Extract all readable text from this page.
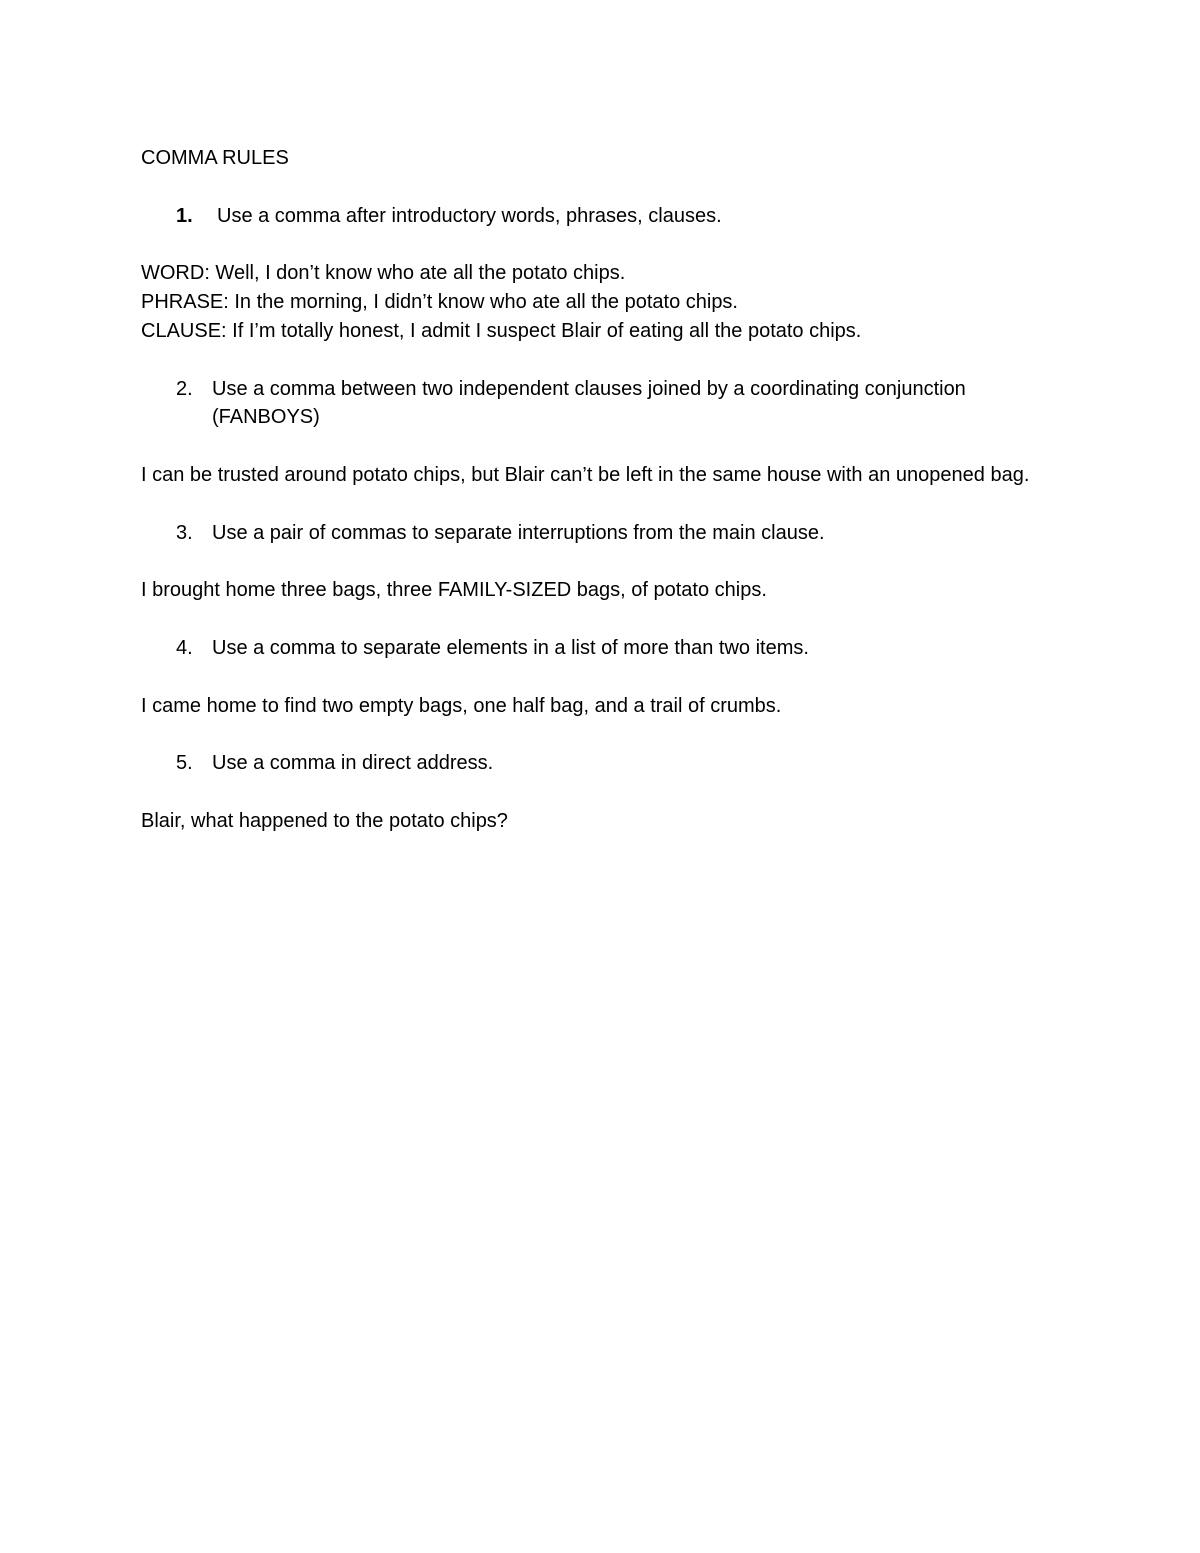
COMMA RULES

1.	Use a comma after introductory words, phrases, clauses.

WORD: Well, I don’t know who ate all the potato chips.

PHRASE: In the morning, I didn’t know who ate all the potato chips.

CLAUSE: If I’m totally honest, I admit I suspect Blair of eating all the potato chips.

2. Use a comma between two independent clauses joined by a coordinating conjunction (FANBOYS)

I can be trusted around potato chips, but Blair can’t be left in the same house with an unopened bag.

3. Use a pair of commas to separate interruptions from the main clause.

I brought home three bags, three FAMILY-SIZED bags, of potato chips.

4. Use a comma to separate elements in a list of more than two items.

I came home to find two empty bags, one half bag, and a trail of crumbs.

5. Use a comma in direct address.

Blair, what happened to the potato chips?
